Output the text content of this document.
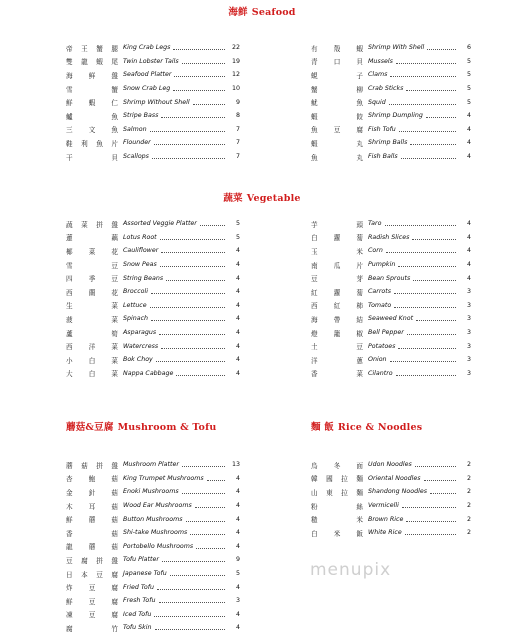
海鲜 Seafood
帝 王 蟹 腿 King Crab Legs	22
雙 龍 蝦 尾 Twin Lobster Tails	19
海 鲜 盤 Seafood Platter	12
雪	蟹 Snow Crab Leg	10
鮮 蝦 仁 Shrimp Without Shell	9
鱸	魚 Stripe Bass	8
三 文 魚 Salmon	7
鞋 利 魚 片 Flounder	7
干	貝 Scallops	7
有 殼 蝦 Shrimp With Shell	6
青 口 貝 Mussels	5
蜆	子 Clams	5
蟹	柳 Crab Sticks	5
魷	魚 Squid	5
蝦	餃 Shrimp Dumpling	4
魚 豆 腐 Fish Tofu	4
蝦	丸 Shrimp Balls	4
魚	丸 Fish Balls	4
蔬菜 Vegetable
蔬 菜 拼 盤 Assorted Veggie Platter	5
蓮	藕 Lotus Root	5
椰 菜 花 Cauliflower	4
雪	豆 Snow Peas	4
四 季 豆 String Beans	4
西 蘭 花 Broccoli	4
生	菜 Lettuce	4
菠	菜 Spinach	4
蘆	筍 Asparagus	4
西 洋 菜 Watercress	4
小 白 菜 Bok Choy	4
大 白 菜 Nappa Cabbage	4
芋	頭 Taro	4
白 蘿 蔔 Radish Slices	4
玉	米 Corn	4
南 瓜 片 Pumpkin	4
豆	芽 Bean Sprouts	4
紅 蘿 蔔 Carrots	3
西 紅 柿 Tomato	3
海 帶 結 Seaweed Knot	3
燈 籠 椒 Bell Pepper	3
土	豆 Potatoes	3
洋	蔥 Onion	3
香	菜 Cilantro	3
蘑菇&豆腐 Mushroom & Tofu
蘑 菇 拼 盤 Mushroom Platter	13
杏 鮑 菇 King Trumpet Mushrooms	4
金 針 菇 Enoki Mushrooms	4
木 耳 菇 Wood Ear Mushrooms	4
鮮 蘑 菇 Button Mushrooms	4
香	菇 Shi-take Mushrooms	4
龍 蘑 菇 Portobello Mushrooms	4
豆 腐 拼 盤 Tofu Platter	9
日 本 豆 腐 Japanese Tofu	5
炸 豆 腐 Fried Tofu	4
鮮 豆 腐 Fresh Tofu	3
凍 豆 腐 Iced Tofu	4
腐	竹 Tofu Skin	4
麵 飯 Rice & Noodles
烏 冬 面 Udon Noodles	2
韓 國 拉 麵 Oriental Noodles	2
山 東 拉 麵 Shandong Noodles	2
粉	絲 Vermicelli	2
糙	米 Brown Rice	2
白 米 飯 White Rice	2
menupix
